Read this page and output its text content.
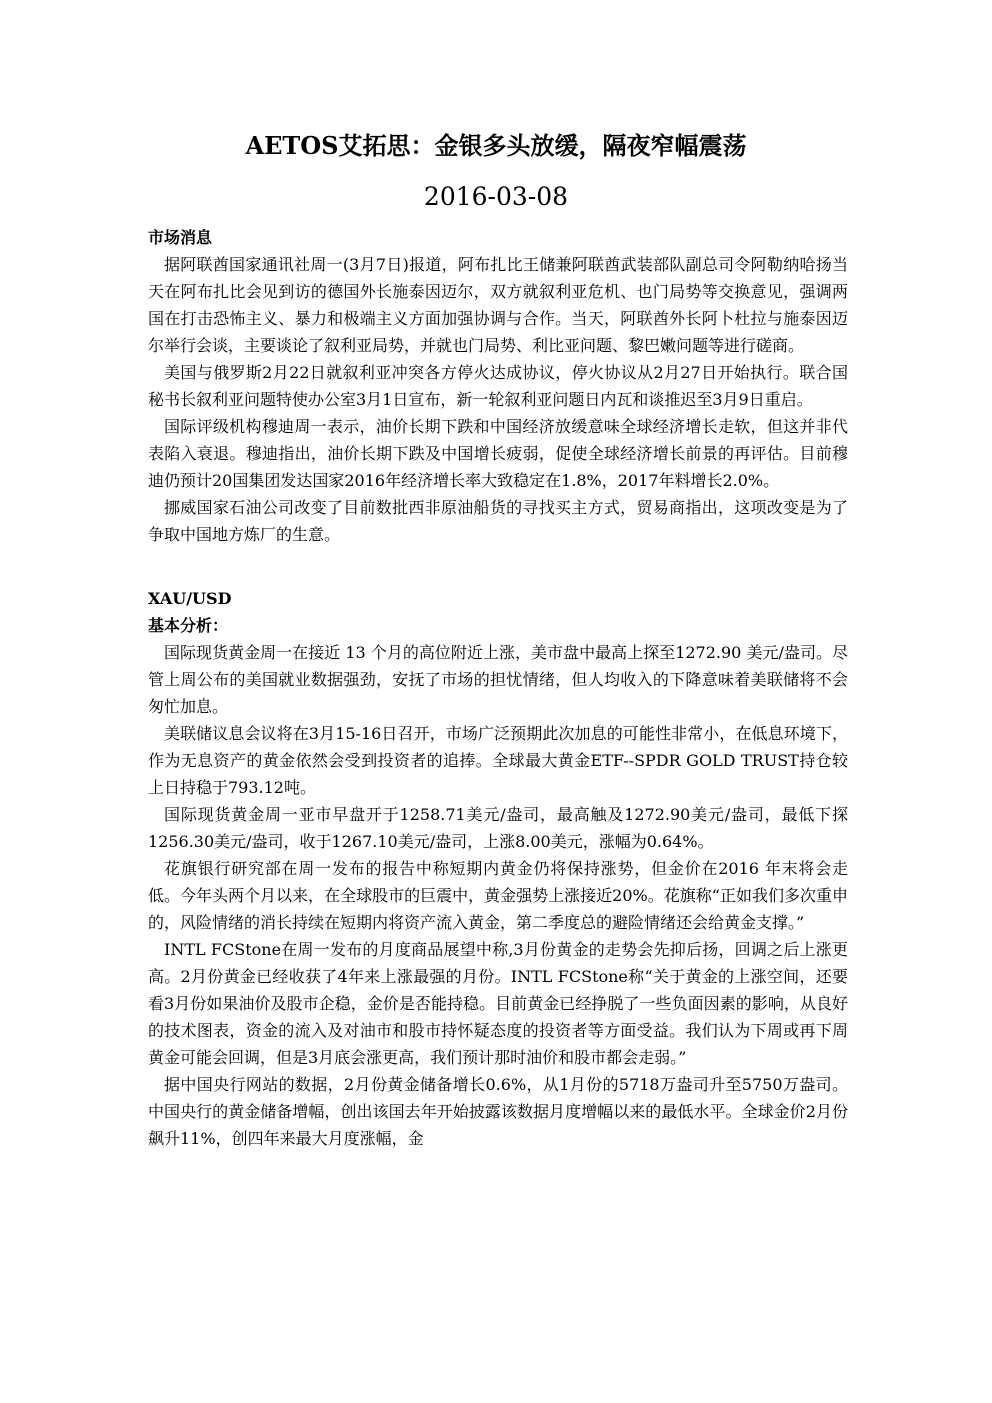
AETOS艾拓思：金银多头放缓，隔夜窄幅震荡
2016-03-08
市场消息

据阿联酋国家通讯社周一(3月7日)报道，阿布扎比王储兼阿联酋武装部队副总司令阿勒纳哈扬当天在阿布扎比会见到访的德国外长施泰因迈尔，双方就叙利亚危机、也门局势等交换意见，强调两国在打击恐怖主义、暴力和极端主义方面加强协调与合作。当天，阿联酋外长阿卜杜拉与施泰因迈尔举行会谈，主要谈论了叙利亚局势，并就也门局势、利比亚问题、黎巴嫩问题等进行磋商。

美国与俄罗斯2月22日就叙利亚冲突各方停火达成协议，停火协议从2月27日开始执行。联合国秘书长叙利亚问题特使办公室3月1日宣布，新一轮叙利亚问题日内瓦和谈推迟至3月9日重启。

国际评级机构穆迪周一表示，油价长期下跌和中国经济放缓意味全球经济增长走软，但这并非代表陷入衰退。穆迪指出，油价长期下跌及中国增长疲弱，促使全球经济增长前景的再评估。目前穆迪仍预计20国集团发达国家2016年经济增长率大致稳定在1.8%，2017年料增长2.0%。

挪威国家石油公司改变了目前数批西非原油船货的寻找买主方式，贸易商指出，这项改变是为了争取中国地方炼厂的生意。

XAU/USD
基本分析：

国际现货黄金周一在接近 13 个月的高位附近上涨，美市盘中最高上探至1272.90 美元/盎司。尽管上周公布的美国就业数据强劲，安抚了市场的担忧情绪，但人均收入的下降意味着美联储将不会匆忙加息。

美联储议息会议将在3月15-16日召开，市场广泛预期此次加息的可能性非常小，在低息环境下，作为无息资产的黄金依然会受到投资者的追捧。全球最大黄金ETF--SPDR GOLD TRUST持仓较上日持稳于793.12吨。

国际现货黄金周一亚市早盘开于1258.71美元/盎司，最高触及1272.90美元/盎司，最低下探1256.30美元/盎司，收于1267.10美元/盎司，上涨8.00美元，涨幅为0.64%。

花旗银行研究部在周一发布的报告中称短期内黄金仍将保持涨势，但金价在2016 年末将会走低。今年头两个月以来，在全球股市的巨震中，黄金强势上涨接近20%。花旗称“正如我们多次重申的，风险情绪的消长持续在短期内将资产流入黄金，第二季度总的避险情绪还会给黄金支撑。”

INTL FCStone在周一发布的月度商品展望中称,3月份黄金的走势会先抑后扬，回调之后上涨更高。2月份黄金已经收获了4年来上涨最强的月份。INTL FCStone称“关于黄金的上涨空间，还要看3月份如果油价及股市企稳，金价是否能持稳。目前黄金已经挣脱了一些负面因素的影响，从良好的技术图表，资金的流入及对油市和股市持怀疑态度的投资者等方面受益。我们认为下周或再下周黄金可能会回调，但是3月底会涨更高，我们预计那时油价和股市都会走弱。”

据中国央行网站的数据，2月份黄金储备增长0.6%，从1月份的5718万盎司升至5750万盎司。中国央行的黄金储备增幅，创出该国去年开始披露该数据月度增幅以来的最低水平。全球金价2月份飙升11%，创四年来最大月度涨幅，金
